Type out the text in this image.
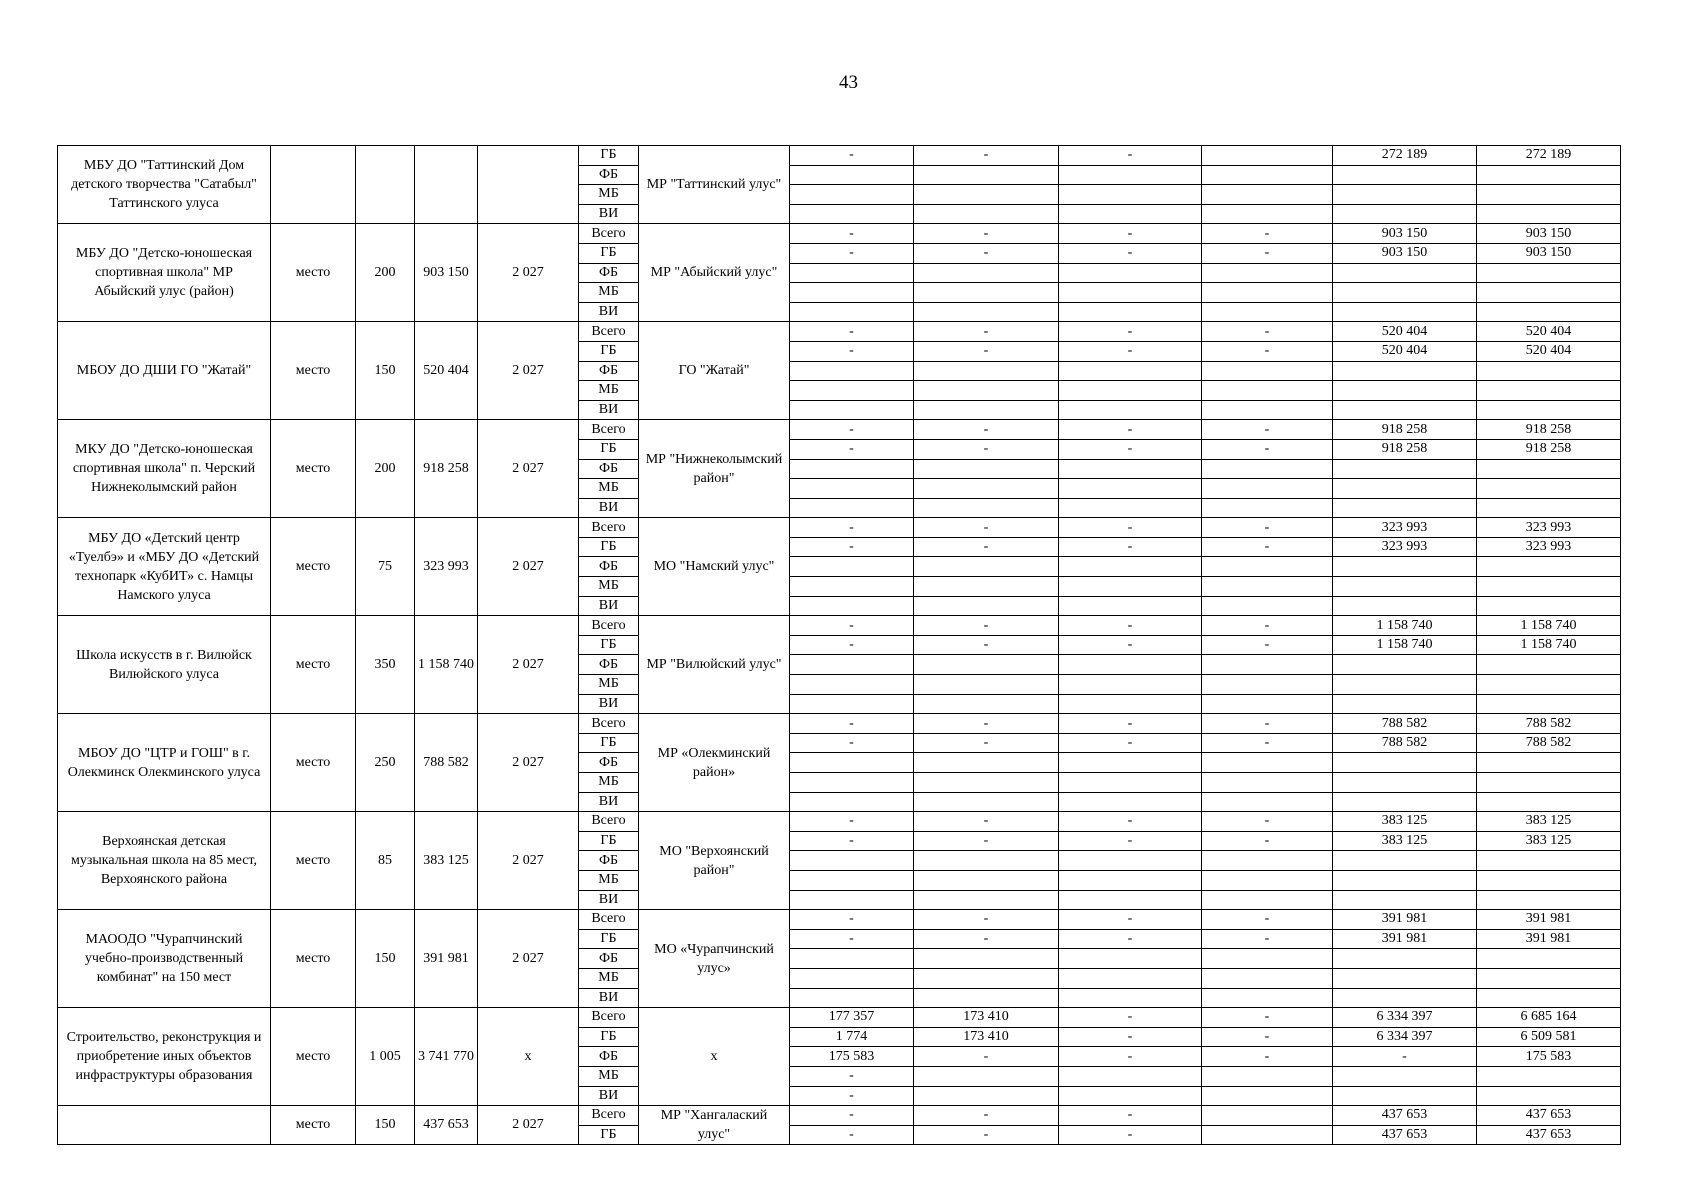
43
МБУ ДО "Таттинский Дом детского творчества "Сатабыл" Таттинского улуса					ГБ	МР "Таттинский улус"	-	-	-		272 189	272 189
					ФБ							
					МБ							
					ВИ							
МБУ ДО "Детско-юношеская спортивная школа" МР Абыйский улус (район)	место	200	903 150	2 027	Всего	МР "Абыйский улус"	-	-	-	-	903 150	903 150
					ГБ		-	-	-	-	903 150	903 150
					ФБ							
					МБ							
					ВИ							
МБОУ ДО ДШИ ГО "Жатай"	место	150	520 404	2 027	Всего	ГО "Жатай"	-	-	-	-	520 404	520 404
					ГБ		-	-	-	-	520 404	520 404
					ФБ							
					МБ							
					ВИ							
МКУ ДО "Детско-юношеская спортивная школа" п. Черский Нижнеколымский район	место	200	918 258	2 027	Всего	МР "Нижнеколымский район"	-	-	-	-	918 258	918 258
					ГБ		-	-	-	-	918 258	918 258
					ФБ							
					МБ							
					ВИ							
МБУ ДО «Детский центр «Туелбэ» и «МБУ ДО «Детский технопарк «КубИТ» с. Намцы Намского улуса	место	75	323 993	2 027	Всего	МО "Намский улус"	-	-	-	-	323 993	323 993
					ГБ		-	-	-	-	323 993	323 993
					ФБ							
					МБ							
					ВИ							
Школа искусств в г. Вилюйск Вилюйского улуса	место	350	1 158 740	2 027	Всего	МР "Вилюйский улус"	-	-	-	-	1 158 740	1 158 740
					ГБ		-	-	-	-	1 158 740	1 158 740
					ФБ							
					МБ							
					ВИ							
МБОУ ДО "ЦТР и ГОШ" в г. Олекминск Олекминского улуса	место	250	788 582	2 027	Всего	МР «Олекминский район»	-	-	-	-	788 582	788 582
					ГБ		-	-	-	-	788 582	788 582
					ФБ							
					МБ							
					ВИ							
Верхоянская детская музыкальная школа на 85 мест, Верхоянского района	место	85	383 125	2 027	Всего	МО "Верхоянский район"	-	-	-	-	383 125	383 125
					ГБ		-	-	-	-	383 125	383 125
					ФБ							
					МБ							
					ВИ							
МАООДО "Чурапчинский учебно-производственный комбинат" на 150 мест	место	150	391 981	2 027	Всего	МО «Чурапчинский улус»	-	-	-	-	391 981	391 981
					ГБ		-	-	-	-	391 981	391 981
					ФБ							
					МБ							
					ВИ							
Строительство, реконструкция и приобретение иных объектов инфраструктуры образования	место	1 005	3 741 770	х	Всего	х	177 357	173 410	-	-	6 334 397	6 685 164
					ГБ		1 774	173 410	-	-	6 334 397	6 509 581
					ФБ		175 583	-	-	-	-	175 583
					МБ		-					
					ВИ		-					
	место	150	437 653	2 027	Всего	МР "Хангалаский улус"	-	-	-		437 653	437 653
					ГБ		-	-	-		437 653	437 653
